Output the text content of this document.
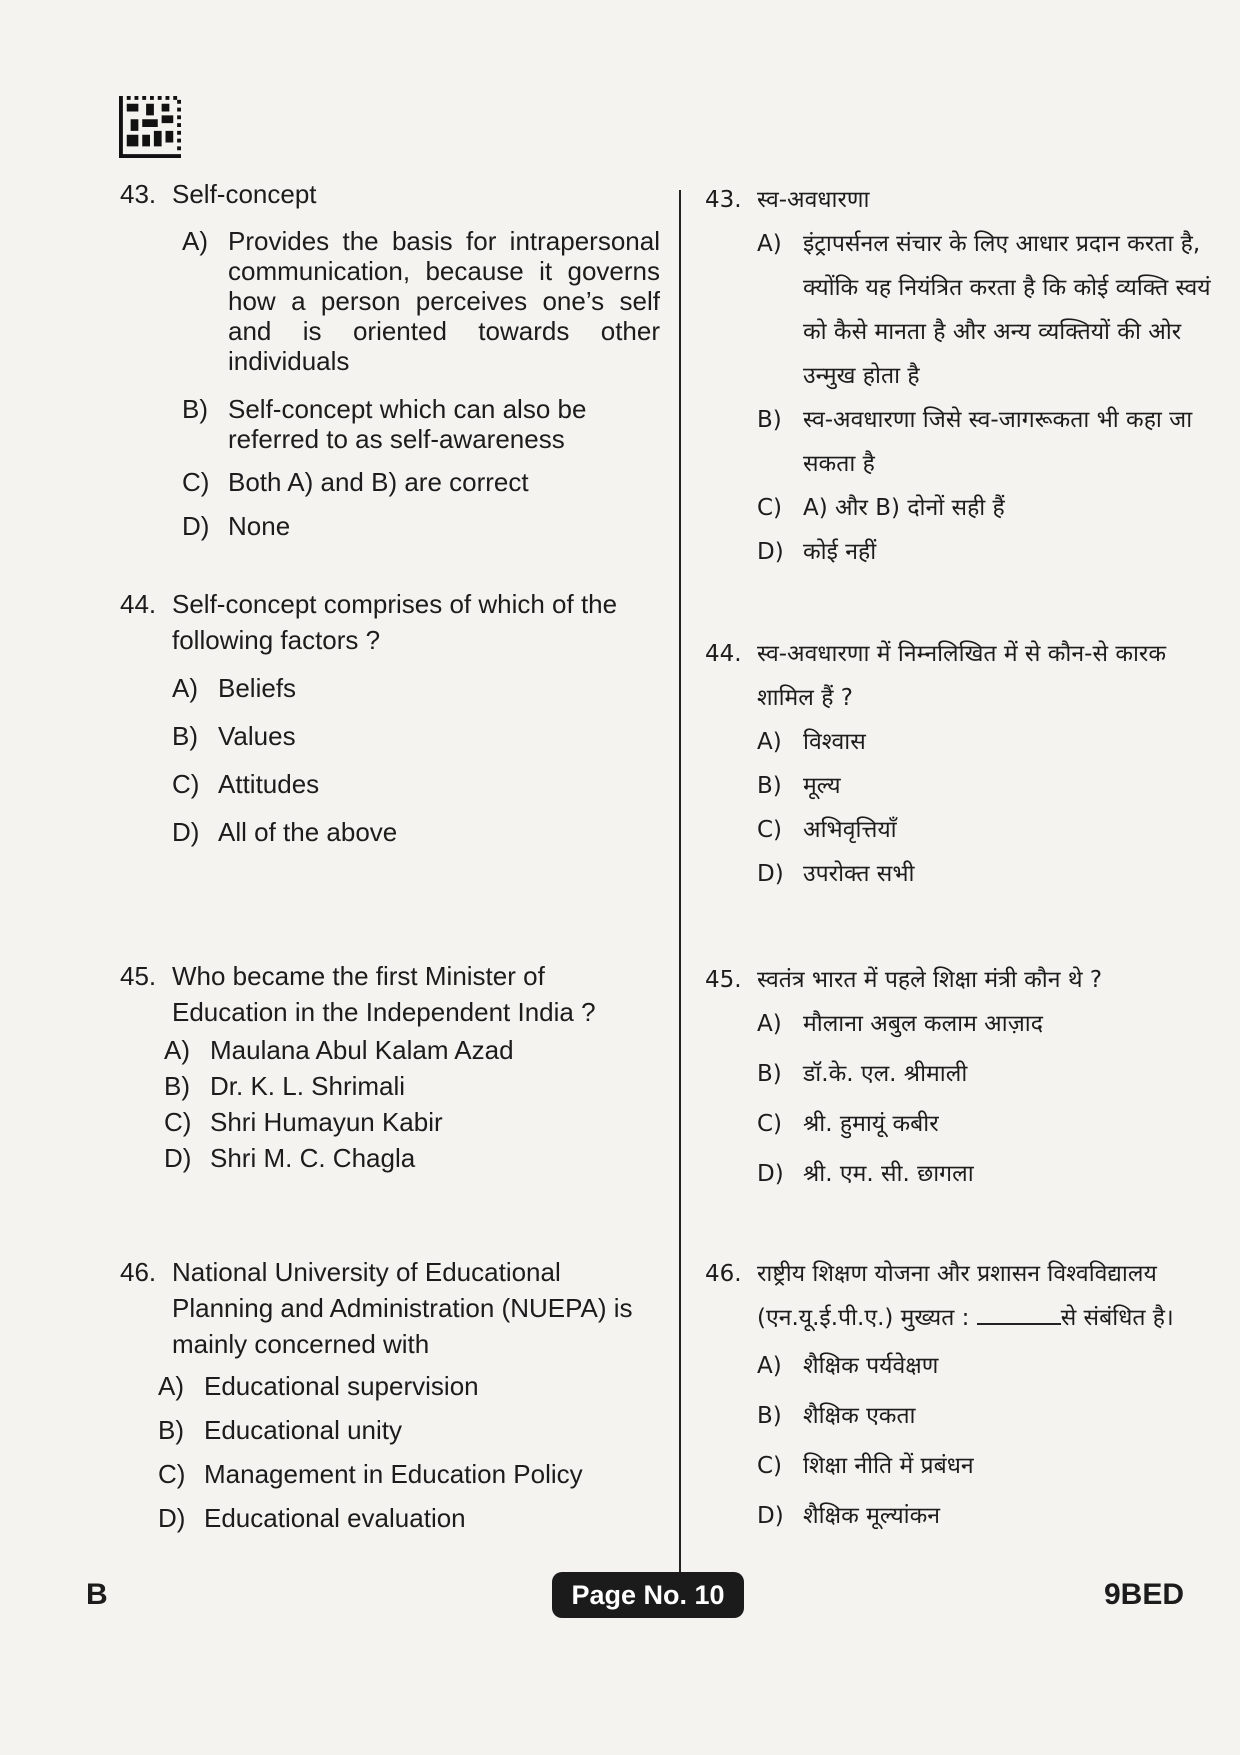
43. Self-concept
A) Provides the basis for intrapersonal communication, because it governs how a person perceives one’s self and is oriented towards other individuals
B) Self-concept which can also be referred to as self-awareness
C) Both A) and B) are correct
D) None
44. Self-concept comprises of which of the following factors ?
A) Beliefs
B) Values
C) Attitudes
D) All of the above
45. Who became the first Minister of Education in the Independent India ?
A) Maulana Abul Kalam Azad
B) Dr. K. L. Shrimali
C) Shri Humayun Kabir
D) Shri M. C. Chagla
46. National University of Educational Planning and Administration (NUEPA) is mainly concerned with
A) Educational supervision
B) Educational unity
C) Management in Education Policy
D) Educational evaluation
43. स्व-अवधारणा
A) इंट्रापर्सनल संचार के लिए आधार प्रदान करता है, क्योंकि यह नियंत्रित करता है कि कोई व्यक्ति स्वयं को कैसे मानता है और अन्य व्यक्तियों की ओर उन्मुख होता है
B) स्व-अवधारणा जिसे स्व-जागरूकता भी कहा जा सकता है
C) A) और B) दोनों सही हैं
D) कोई नहीं
44. स्व-अवधारणा में निम्नलिखित में से कौन-से कारक शामिल हैं ?
A) विश्वास
B) मूल्य
C) अभिवृत्तियाँ
D) उपरोक्त सभी
45. स्वतंत्र भारत में पहले शिक्षा मंत्री कौन थे ?
A) मौलाना अबुल कलाम आज़ाद
B) डॉ.के. एल. श्रीमाली
C) श्री. हुमायूं कबीर
D) श्री. एम. सी. छागला
46. राष्ट्रीय शिक्षण योजना और प्रशासन विश्वविद्यालय (एन.यू.ई.पी.ए.) मुख्यत :	से संबंधित है।
A) शैक्षिक पर्यवेक्षण
B) शैक्षिक एकता
C) शिक्षा नीति में प्रबंधन
D) शैक्षिक मूल्यांकन
B	Page No. 10	9BED
